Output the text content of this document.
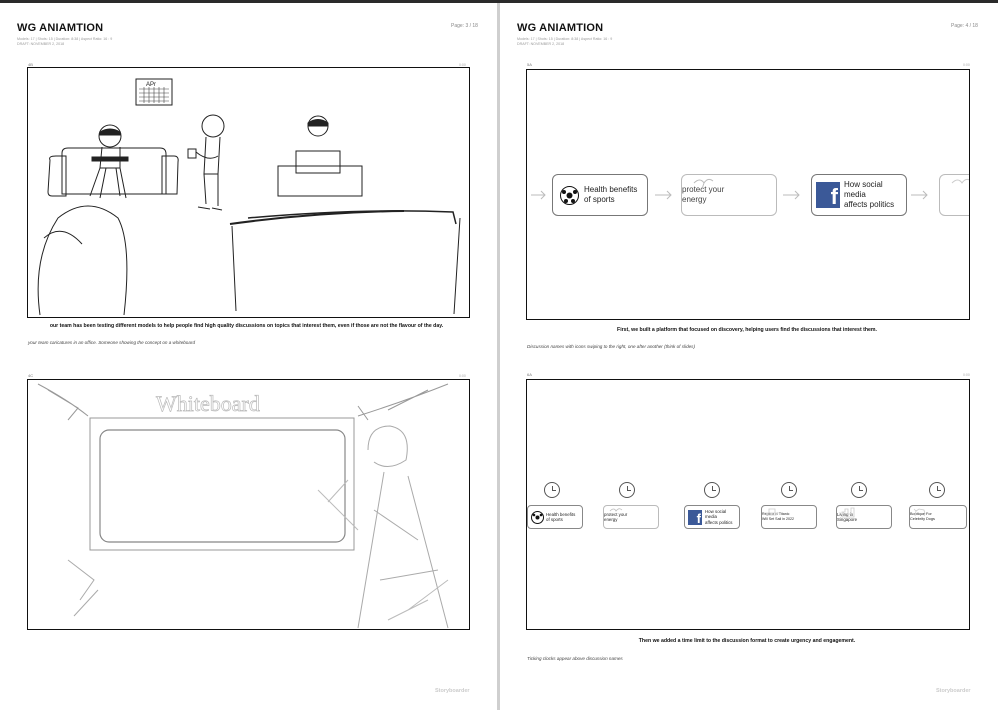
WG ANIAMTION
Models: 17 | Shots: 15 | Duration: 8:38 | Aspect Ratio: 16 : 9
DRAFT: NOVEMBER 2, 2018
Page: 3 / 18
4B	0:00
APr
our team has been testing different models to help people find high quality discussions on topics that interest them, even if those are not the flavour of the day.
your team caricatures in an office. Someone showing the concept on a whiteboard
4C	0:00
Whiteboard
Storyboarder
WG ANIAMTION
Models: 17 | Shots: 15 | Duration: 8:38 | Aspect Ratio: 16 : 9
DRAFT: NOVEMBER 2, 2018
Page: 4 / 18
5A	0:00
Health benefits
of sports
protect your
energy	f How social media
affects politics
First, we built a platform that focused on discovery, helping users find the discussions that interest them.
Discussion names with icons swiping to the right, one after another (think of slides)
6A	0:00
Health benefits
of sports
protect your
energy	f How social media
affects politics
Replica of Titanic
Will Set Sail in 2022
Living in
Singapore
Boutique For
Celebrity Dogs
Then we added a time limit to the discussion format to create urgency and engagement.
Ticking clocks appear above discussion names
Storyboarder
